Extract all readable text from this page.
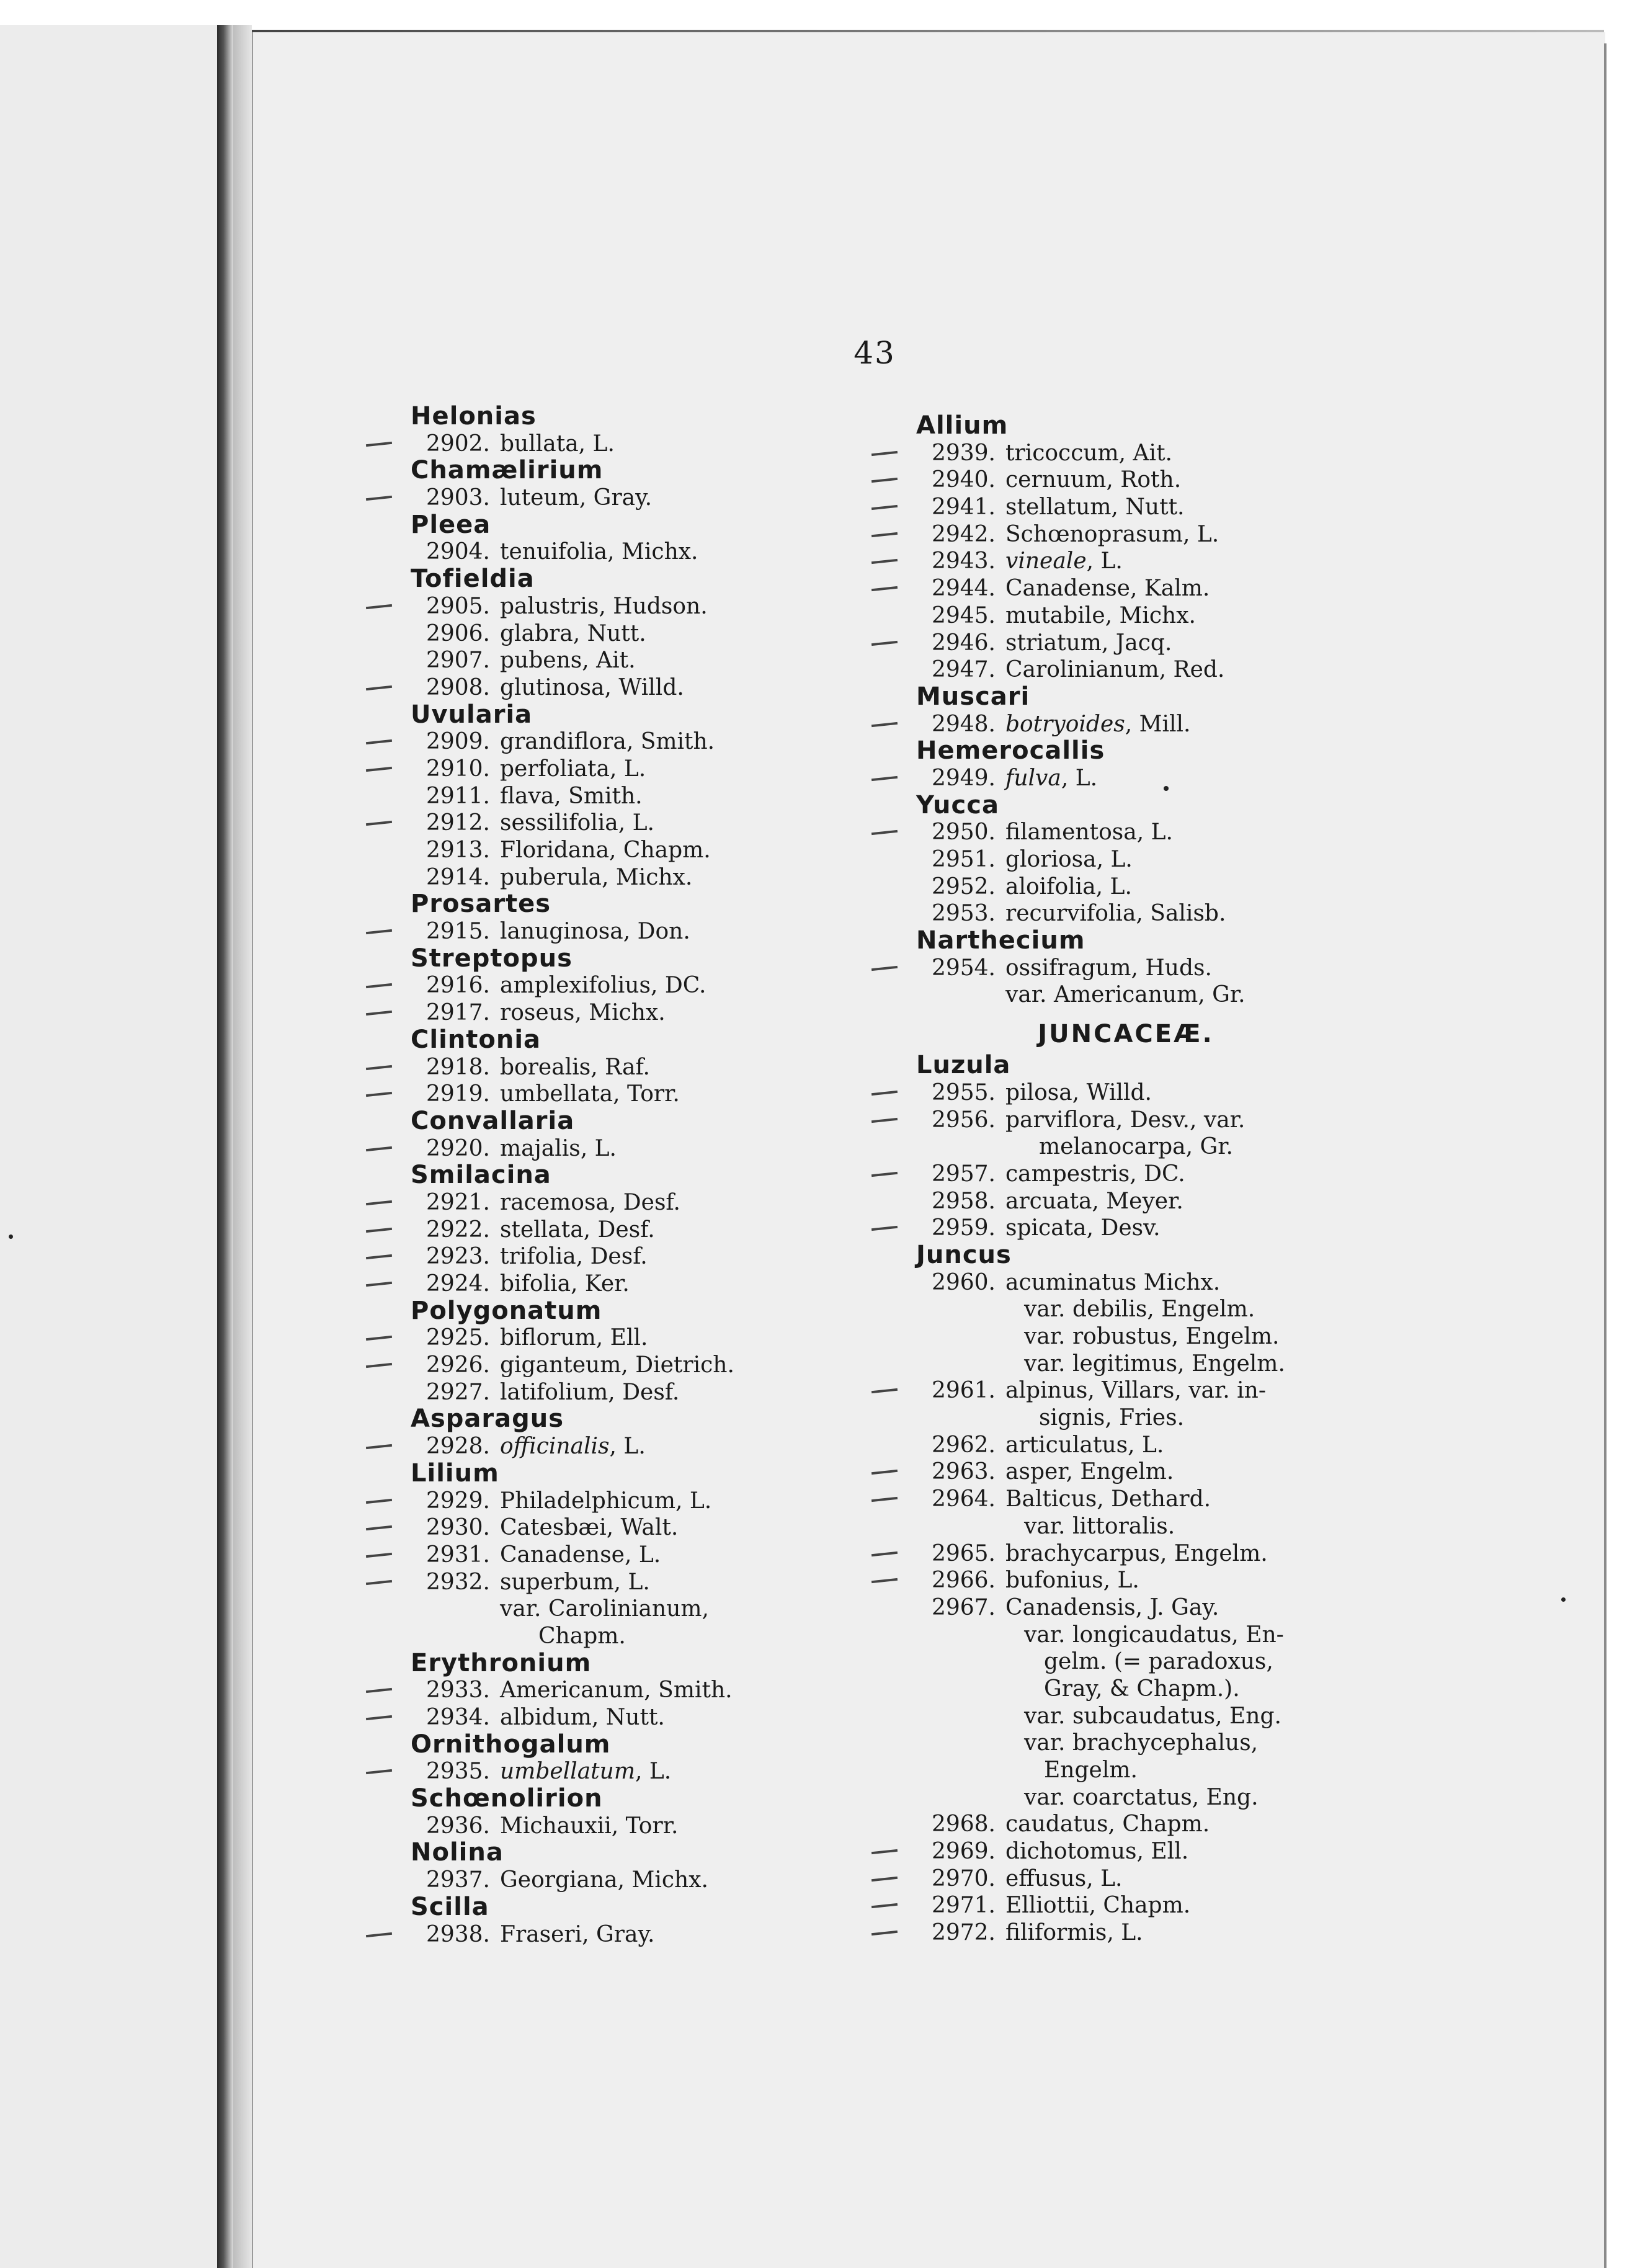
43
Helonias
2902. bullata, L.
Chamælirium
2903. luteum, Gray.
Pleea
2904. tenuifolia, Michx.
Tofieldia
2905. palustris, Hudson.
2906. glabra, Nutt.
2907. pubens, Ait.
2908. glutinosa, Willd.
Uvularia
2909. grandiflora, Smith.
2910. perfoliata, L.
2911. flava, Smith.
2912. sessilifolia, L.
2913. Floridana, Chapm.
2914. puberula, Michx.
Prosartes
2915. lanuginosa, Don.
Streptopus
2916. amplexifolius, DC.
2917. roseus, Michx.
Clintonia
2918. borealis, Raf.
2919. umbellata, Torr.
Convallaria
2920. majalis, L.
Smilacina
2921. racemosa, Desf.
2922. stellata, Desf.
2923. trifolia, Desf.
2924. bifolia, Ker.
Polygonatum
2925. biflorum, Ell.
2926. giganteum, Dietrich.
2927. latifolium, Desf.
Asparagus
2928. officinalis, L.
Lilium
2929. Philadelphicum, L.
2930. Catesbæi, Walt.
2931. Canadense, L.
2932. superbum, L.
var. Carolinianum,
Chapm.
Erythronium
2933. Americanum, Smith.
2934. albidum, Nutt.
Ornithogalum
2935. umbellatum, L.
Schœnolirion
2936. Michauxii, Torr.
Nolina
2937. Georgiana, Michx.
Scilla
2938. Fraseri, Gray.
Allium
2939. tricoccum, Ait.
2940. cernuum, Roth.
2941. stellatum, Nutt.
2942. Schœnoprasum, L.
2943. vineale, L.
2944. Canadense, Kalm.
2945. mutabile, Michx.
2946. striatum, Jacq.
2947. Carolinianum, Red.
Muscari
2948. botryoides, Mill.
Hemerocallis
2949. fulva, L.
Yucca
2950. filamentosa, L.
2951. gloriosa, L.
2952. aloifolia, L.
2953. recurvifolia, Salisb.
Narthecium
2954. ossifragum, Huds.
var. Americanum, Gr.
JUNCACEÆ.
Luzula
2955. pilosa, Willd.
2956. parviflora, Desv., var.
melanocarpa, Gr.
2957. campestris, DC.
2958. arcuata, Meyer.
2959. spicata, Desv.
Juncus
2960. acuminatus Michx.
var. debilis, Engelm.
var. robustus, Engelm.
var. legitimus, Engelm.
2961. alpinus, Villars, var. in-
signis, Fries.
2962. articulatus, L.
2963. asper, Engelm.
2964. Balticus, Dethard.
var. littoralis.
2965. brachycarpus, Engelm.
2966. bufonius, L.
2967. Canadensis, J. Gay.
var. longicaudatus, En-
gelm. (= paradoxus,
Gray, & Chapm.).
var. subcaudatus, Eng.
var. brachycephalus,
Engelm.
var. coarctatus, Eng.
2968. caudatus, Chapm.
2969. dichotomus, Ell.
2970. effusus, L.
2971. Elliottii, Chapm.
2972. filiformis, L.
